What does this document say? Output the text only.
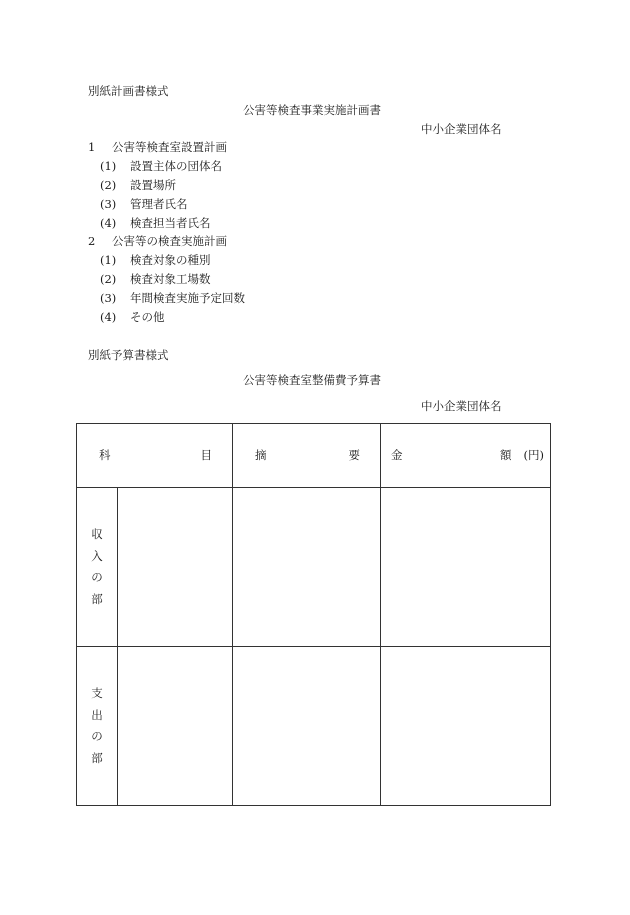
別紙計画書様式
公害等検査事業実施計画書
中小企業団体名
1 公害等検査室設置計画
(1) 設置主体の団体名
(2) 設置場所
(3) 管理者氏名
(4) 検査担当者氏名
2 公害等の検査実施計画
(1) 検査対象の種別
(2) 検査対象工場数
(3) 年間検査実施予定回数
(4) その他
別紙予算書様式
公害等検査室整備費予算書
中小企業団体名
科 目		摘 要	金 額 (円)

収
入
の
部			

支
出
の
部			
